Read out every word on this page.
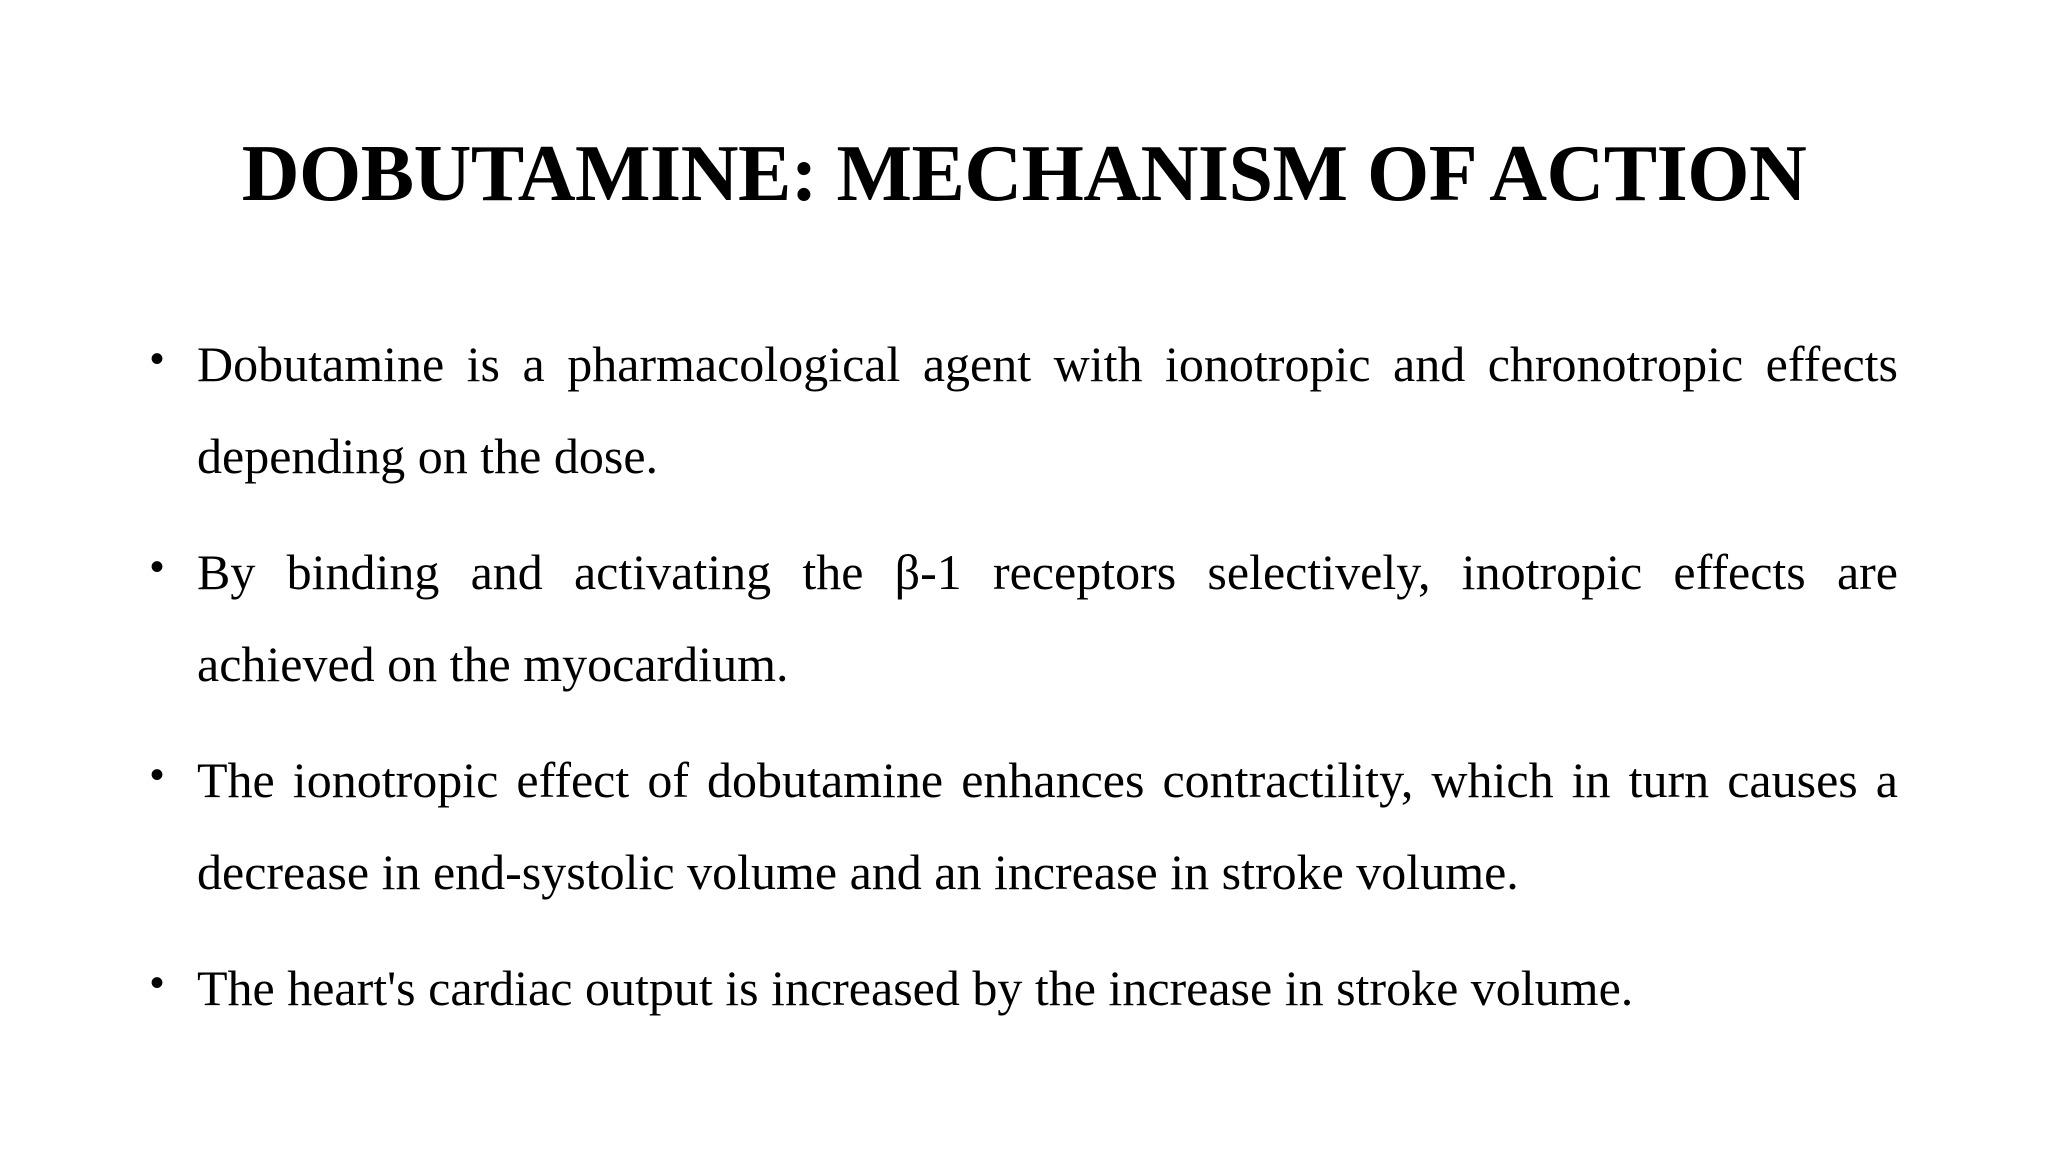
DOBUTAMINE: MECHANISM OF ACTION
• Dobutamine is a pharmacological agent with ionotropic and chronotropic effects depending on the dose.
• By binding and activating the β-1 receptors selectively, inotropic effects are achieved on the myocardium.
• The ionotropic effect of dobutamine enhances contractility, which in turn causes a decrease in end-systolic volume and an increase in stroke volume.
• The heart's cardiac output is increased by the increase in stroke volume.
